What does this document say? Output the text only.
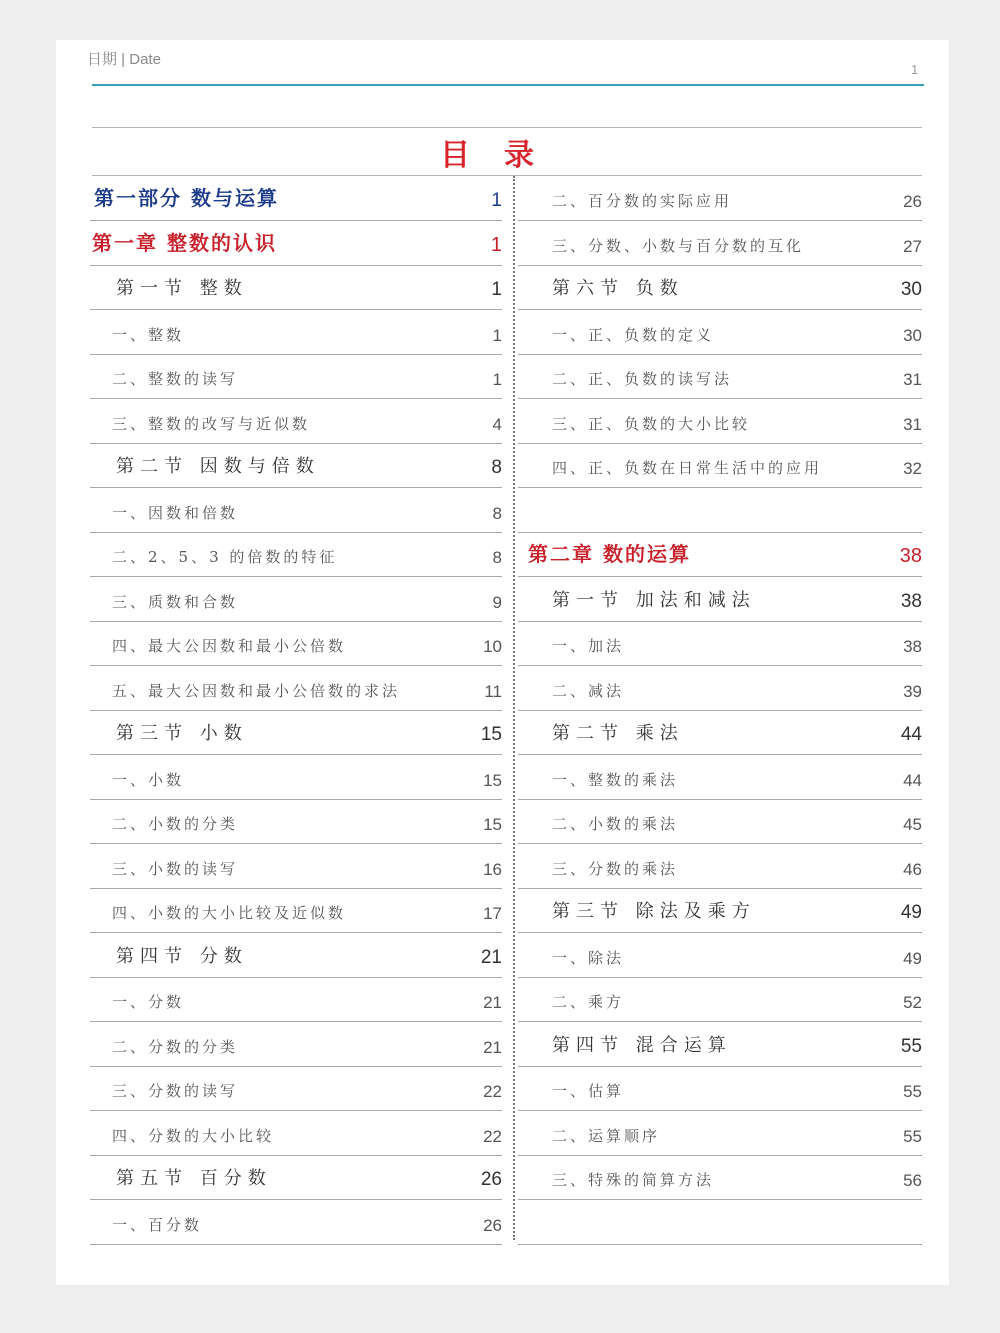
日期 | Date
1
目录
第一部分 数与运算	1
第一章 整数的认识	1
第一节 整数	1
一、整数	1
二、整数的读写	1
三、整数的改写与近似数	4
第二节 因数与倍数	8
一、因数和倍数	8
二、2、5、3 的倍数的特征	8
三、质数和合数	9
四、最大公因数和最小公倍数	10
五、最大公因数和最小公倍数的求法	11
第三节 小数	15
一、小数	15
二、小数的分类	15
三、小数的读写	16
四、小数的大小比较及近似数	17
第四节 分数	21
一、分数	21
二、分数的分类	21
三、分数的读写	22
四、分数的大小比较	22
第五节 百分数	26
一、百分数	26
二、百分数的实际应用	26
三、分数、小数与百分数的互化	27
第六节 负数	30
一、正、负数的定义	30
二、正、负数的读写法	31
三、正、负数的大小比较	31
四、正、负数在日常生活中的应用	32
第二章 数的运算	38
第一节 加法和减法	38
一、加法	38
二、减法	39
第二节 乘法	44
一、整数的乘法	44
二、小数的乘法	45
三、分数的乘法	46
第三节 除法及乘方	49
一、除法	49
二、乘方	52
第四节 混合运算	55
一、估算	55
二、运算顺序	55
三、特殊的简算方法	56
